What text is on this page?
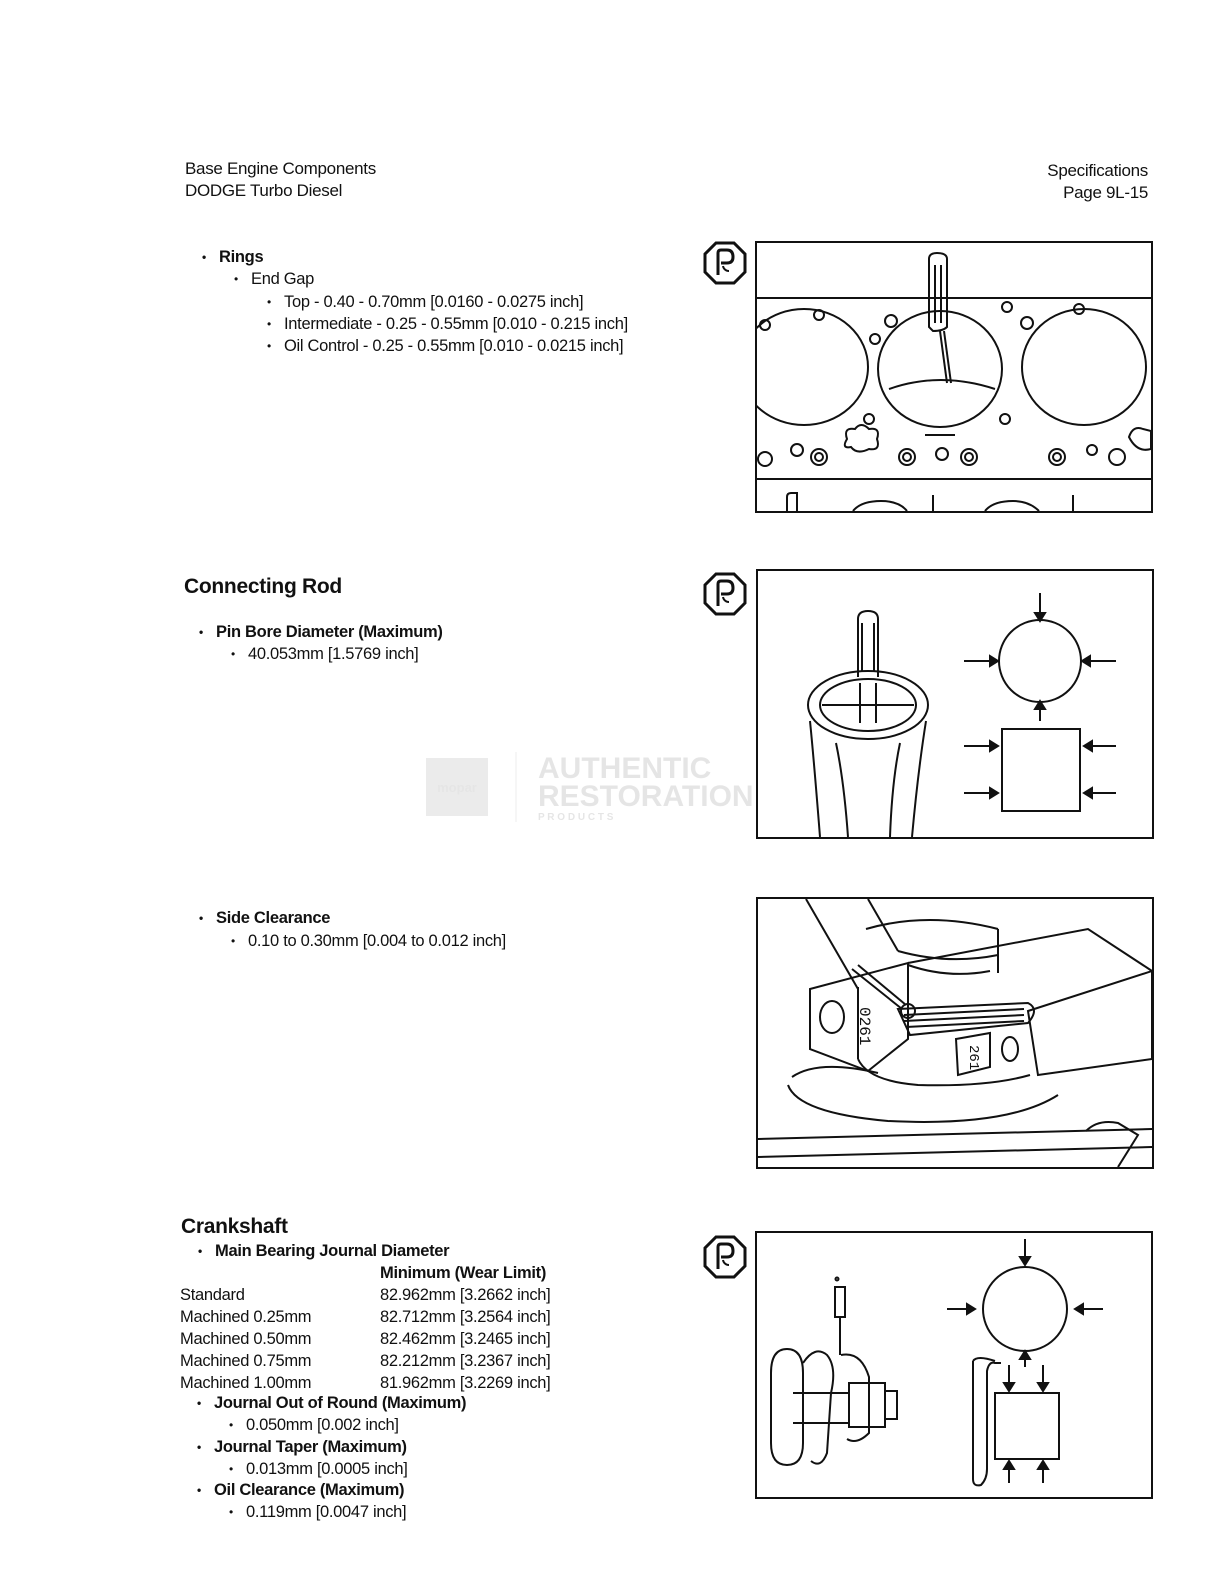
Base Engine Components
DODGE Turbo Diesel
Specifications
Page 9L-15
• Rings
• End Gap
• Top - 0.40 - 0.70mm [0.0160 - 0.0275 inch]
• Intermediate - 0.25 - 0.55mm [0.010 - 0.215 inch]
• Oil Control - 0.25 - 0.55mm [0.010 - 0.0215 inch]
Connecting Rod
• Pin Bore Diameter (Maximum)
• 40.053mm [1.5769 inch]
• Side Clearance
• 0.10 to 0.30mm [0.004 to 0.012 inch]
Crankshaft
• Main Bearing Journal Diameter
Minimum (Wear Limit)
Standard	82.962mm [3.2662 inch]
Machined 0.25mm	82.712mm [3.2564 inch]
Machined 0.50mm	82.462mm [3.2465 inch]
Machined 0.75mm	82.212mm [3.2367 inch]
Machined 1.00mm	81.962mm [3.2269 inch]
• Journal Out of Round (Maximum)
• 0.050mm [0.002 inch]
• Journal Taper (Maximum)
• 0.013mm [0.0005 inch]
• Oil Clearance (Maximum)
• 0.119mm [0.0047 inch]
0261
261
mopar
AUTHENTIC
RESTORATION
P R O D U C T S
